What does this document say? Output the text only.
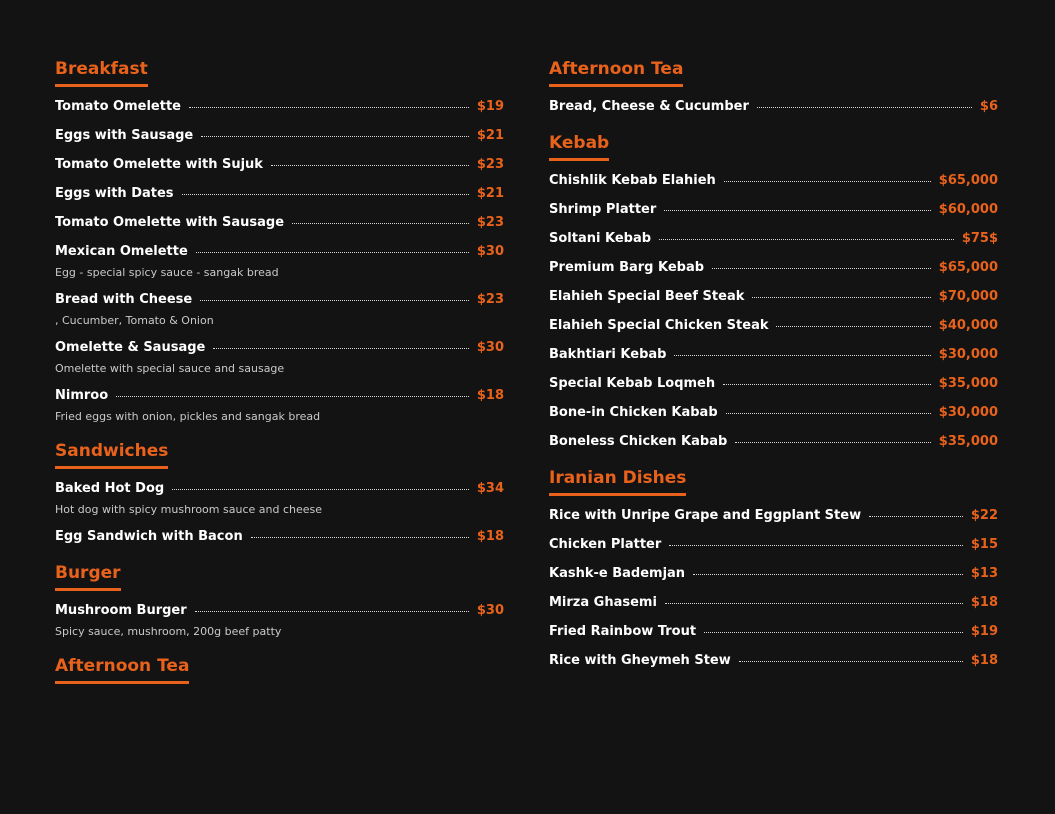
Breakfast
Tomato Omelette	$19
Eggs with Sausage	$21
Tomato Omelette with Sujuk	$23
Eggs with Dates	$21
Tomato Omelette with Sausage	$23
Mexican Omelette	$30
Egg - special spicy sauce - sangak bread
Bread with Cheese	$23
, Cucumber, Tomato & Onion
Omelette & Sausage	$30
Omelette with special sauce and sausage
Nimroo	$18
Fried eggs with onion, pickles and sangak bread
Sandwiches
Baked Hot Dog	$34
Hot dog with spicy mushroom sauce and cheese
Egg Sandwich with Bacon	$18
Burger
Mushroom Burger	$30
Spicy sauce, mushroom, 200g beef patty
Afternoon Tea
Afternoon Tea
Bread, Cheese & Cucumber	$6
Kebab
Chishlik Kebab Elahieh	$65,000
Shrimp Platter	$60,000
Soltani Kebab	$75$
Premium Barg Kebab	$65,000
Elahieh Special Beef Steak	$70,000
Elahieh Special Chicken Steak	$40,000
Bakhtiari Kebab	$30,000
Special Kebab Loqmeh	$35,000
Bone-in Chicken Kabab	$30,000
Boneless Chicken Kabab	$35,000
Iranian Dishes
Rice with Unripe Grape and Eggplant Stew	$22
Chicken Platter	$15
Kashk-e Bademjan	$13
Mirza Ghasemi	$18
Fried Rainbow Trout	$19
Rice with Gheymeh Stew	$18
